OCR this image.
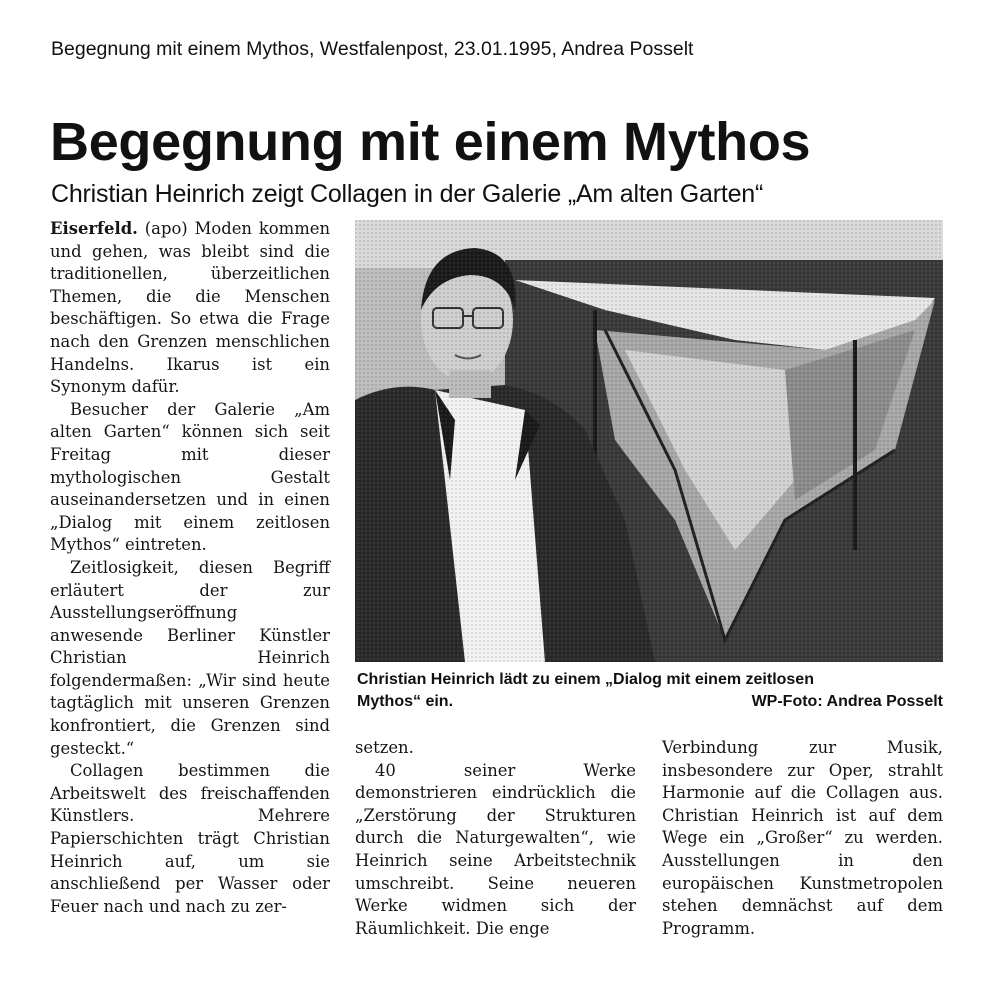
Begegnung mit einem Mythos, Westfalenpost, 23.01.1995, Andrea Posselt
Begegnung mit einem Mythos
Christian Heinrich zeigt Collagen in der Galerie „Am alten Garten“

Eiserfeld. (apo) Moden kommen und gehen, was bleibt sind die traditionellen, überzeitlichen Themen, die die Menschen beschäftigen. So etwa die Frage nach den Grenzen menschlichen Handelns. Ikarus ist ein Synonym dafür.

Besucher der Galerie „Am alten Garten“ können sich seit Freitag mit dieser mythologischen Gestalt auseinandersetzen und in einen „Dialog mit einem zeitlosen Mythos“ eintreten.

Zeitlosigkeit, diesen Begriff erläutert der zur Ausstellungseröffnung anwesende Berliner Künstler Christian Heinrich folgendermaßen: „Wir sind heute tagtäglich mit unseren Grenzen konfrontiert, die Grenzen sind gesteckt.“

Collagen bestimmen die Arbeitswelt des freischaffenden Künstlers. Mehrere Papierschichten trägt Christian Heinrich auf, um sie anschließend per Wasser oder Feuer nach und nach zu zer-

Christian Heinrich lädt zu einem „Dialog mit einem zeitlosen
Mythos“ ein.	WP-Foto: Andrea Posselt

setzen.

40 seiner Werke demonstrieren eindrücklich die „Zerstörung der Strukturen durch die Naturgewalten“, wie Heinrich seine Arbeitstechnik umschreibt. Seine neueren Werke widmen sich der Räumlichkeit. Die enge

Verbindung zur Musik, insbesondere zur Oper, strahlt Harmonie auf die Collagen aus. Christian Heinrich ist auf dem Wege ein „Großer“ zu werden. Ausstellungen in den europäischen Kunstmetropolen stehen demnächst auf dem Programm.
